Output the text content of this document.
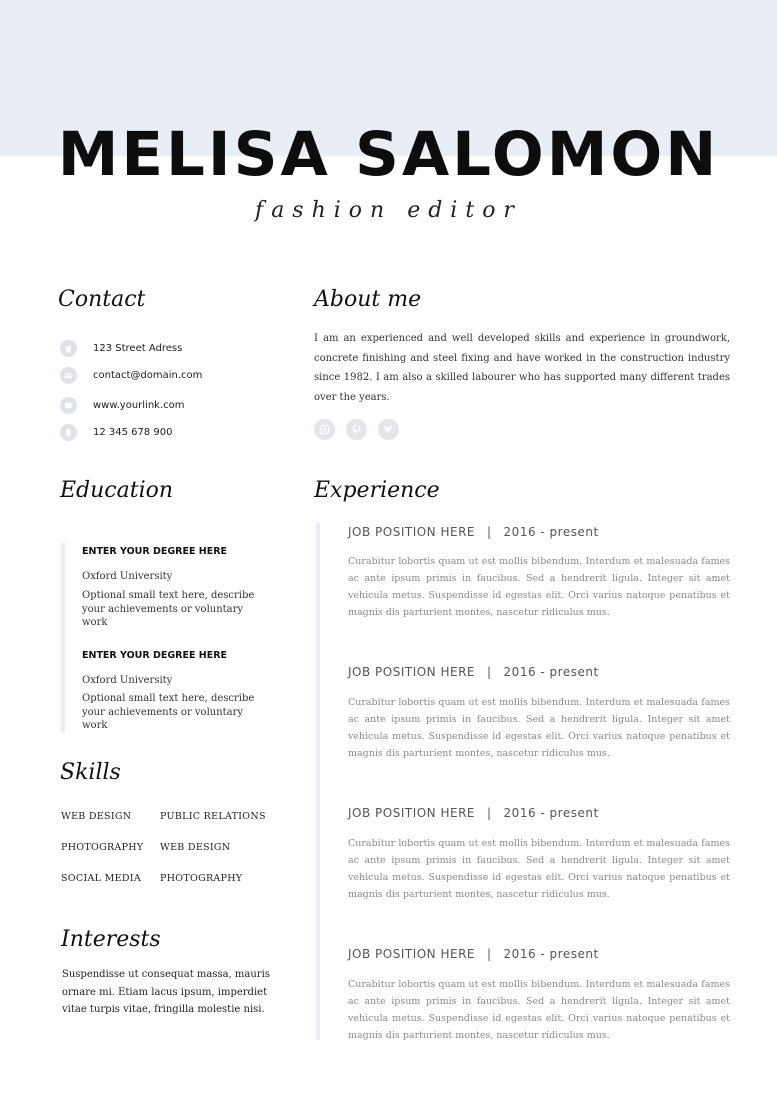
MELISA SALOMON

fashion editor

Contact
123 Street Adress
contact@domain.com
www.yourlink.com
12 345 678 900
About me

I am an experienced and well developed skills and experience in groundwork, concrete finishing and steel fixing and have worked in the construction industry since 1982. I am also a skilled labourer who has supported many different trades over the years.

Education

ENTER YOUR DEGREE HERE

Oxford University

Optional small text here, describe your achievements or voluntary work

ENTER YOUR DEGREE HERE

Oxford University

Optional small text here, describe your achievements or voluntary work

Skills

WEB DESIGN	PUBLIC RELATIONS

PHOTOGRAPHY WEB DESIGN

SOCIAL MEDIA PHOTOGRAPHY

Interests

Suspendisse ut consequat massa, mauris ornare mi. Etiam lacus ipsum, imperdiet vitae turpis vitae, fringilla molestie nisi.

Experience

JOB POSITION HERE | 2016 - present

Curabitur lobortis quam ut est mollis bibendum. Interdum et malesuada fames ac ante ipsum primis in faucibus. Sed a hendrerit ligula. Integer sit amet vehicula metus. Suspendisse id egestas elit. Orci varius natoque penatibus et magnis dis parturient montes, nascetur ridiculus mus.

JOB POSITION HERE | 2016 - present

Curabitur lobortis quam ut est mollis bibendum. Interdum et malesuada fames ac ante ipsum primis in faucibus. Sed a hendrerit ligula. Integer sit amet vehicula metus. Suspendisse id egestas elit. Orci varius natoque penatibus et magnis dis parturient montes, nascetur ridiculus mus.

JOB POSITION HERE | 2016 - present

Curabitur lobortis quam ut est mollis bibendum. Interdum et malesuada fames ac ante ipsum primis in faucibus. Sed a hendrerit ligula. Integer sit amet vehicula metus. Suspendisse id egestas elit. Orci varius natoque penatibus et magnis dis parturient montes, nascetur ridiculus mus.

JOB POSITION HERE | 2016 - present

Curabitur lobortis quam ut est mollis bibendum. Interdum et malesuada fames ac ante ipsum primis in faucibus. Sed a hendrerit ligula. Integer sit amet vehicula metus. Suspendisse id egestas elit. Orci varius natoque penatibus et magnis dis parturient montes, nascetur ridiculus mus.
